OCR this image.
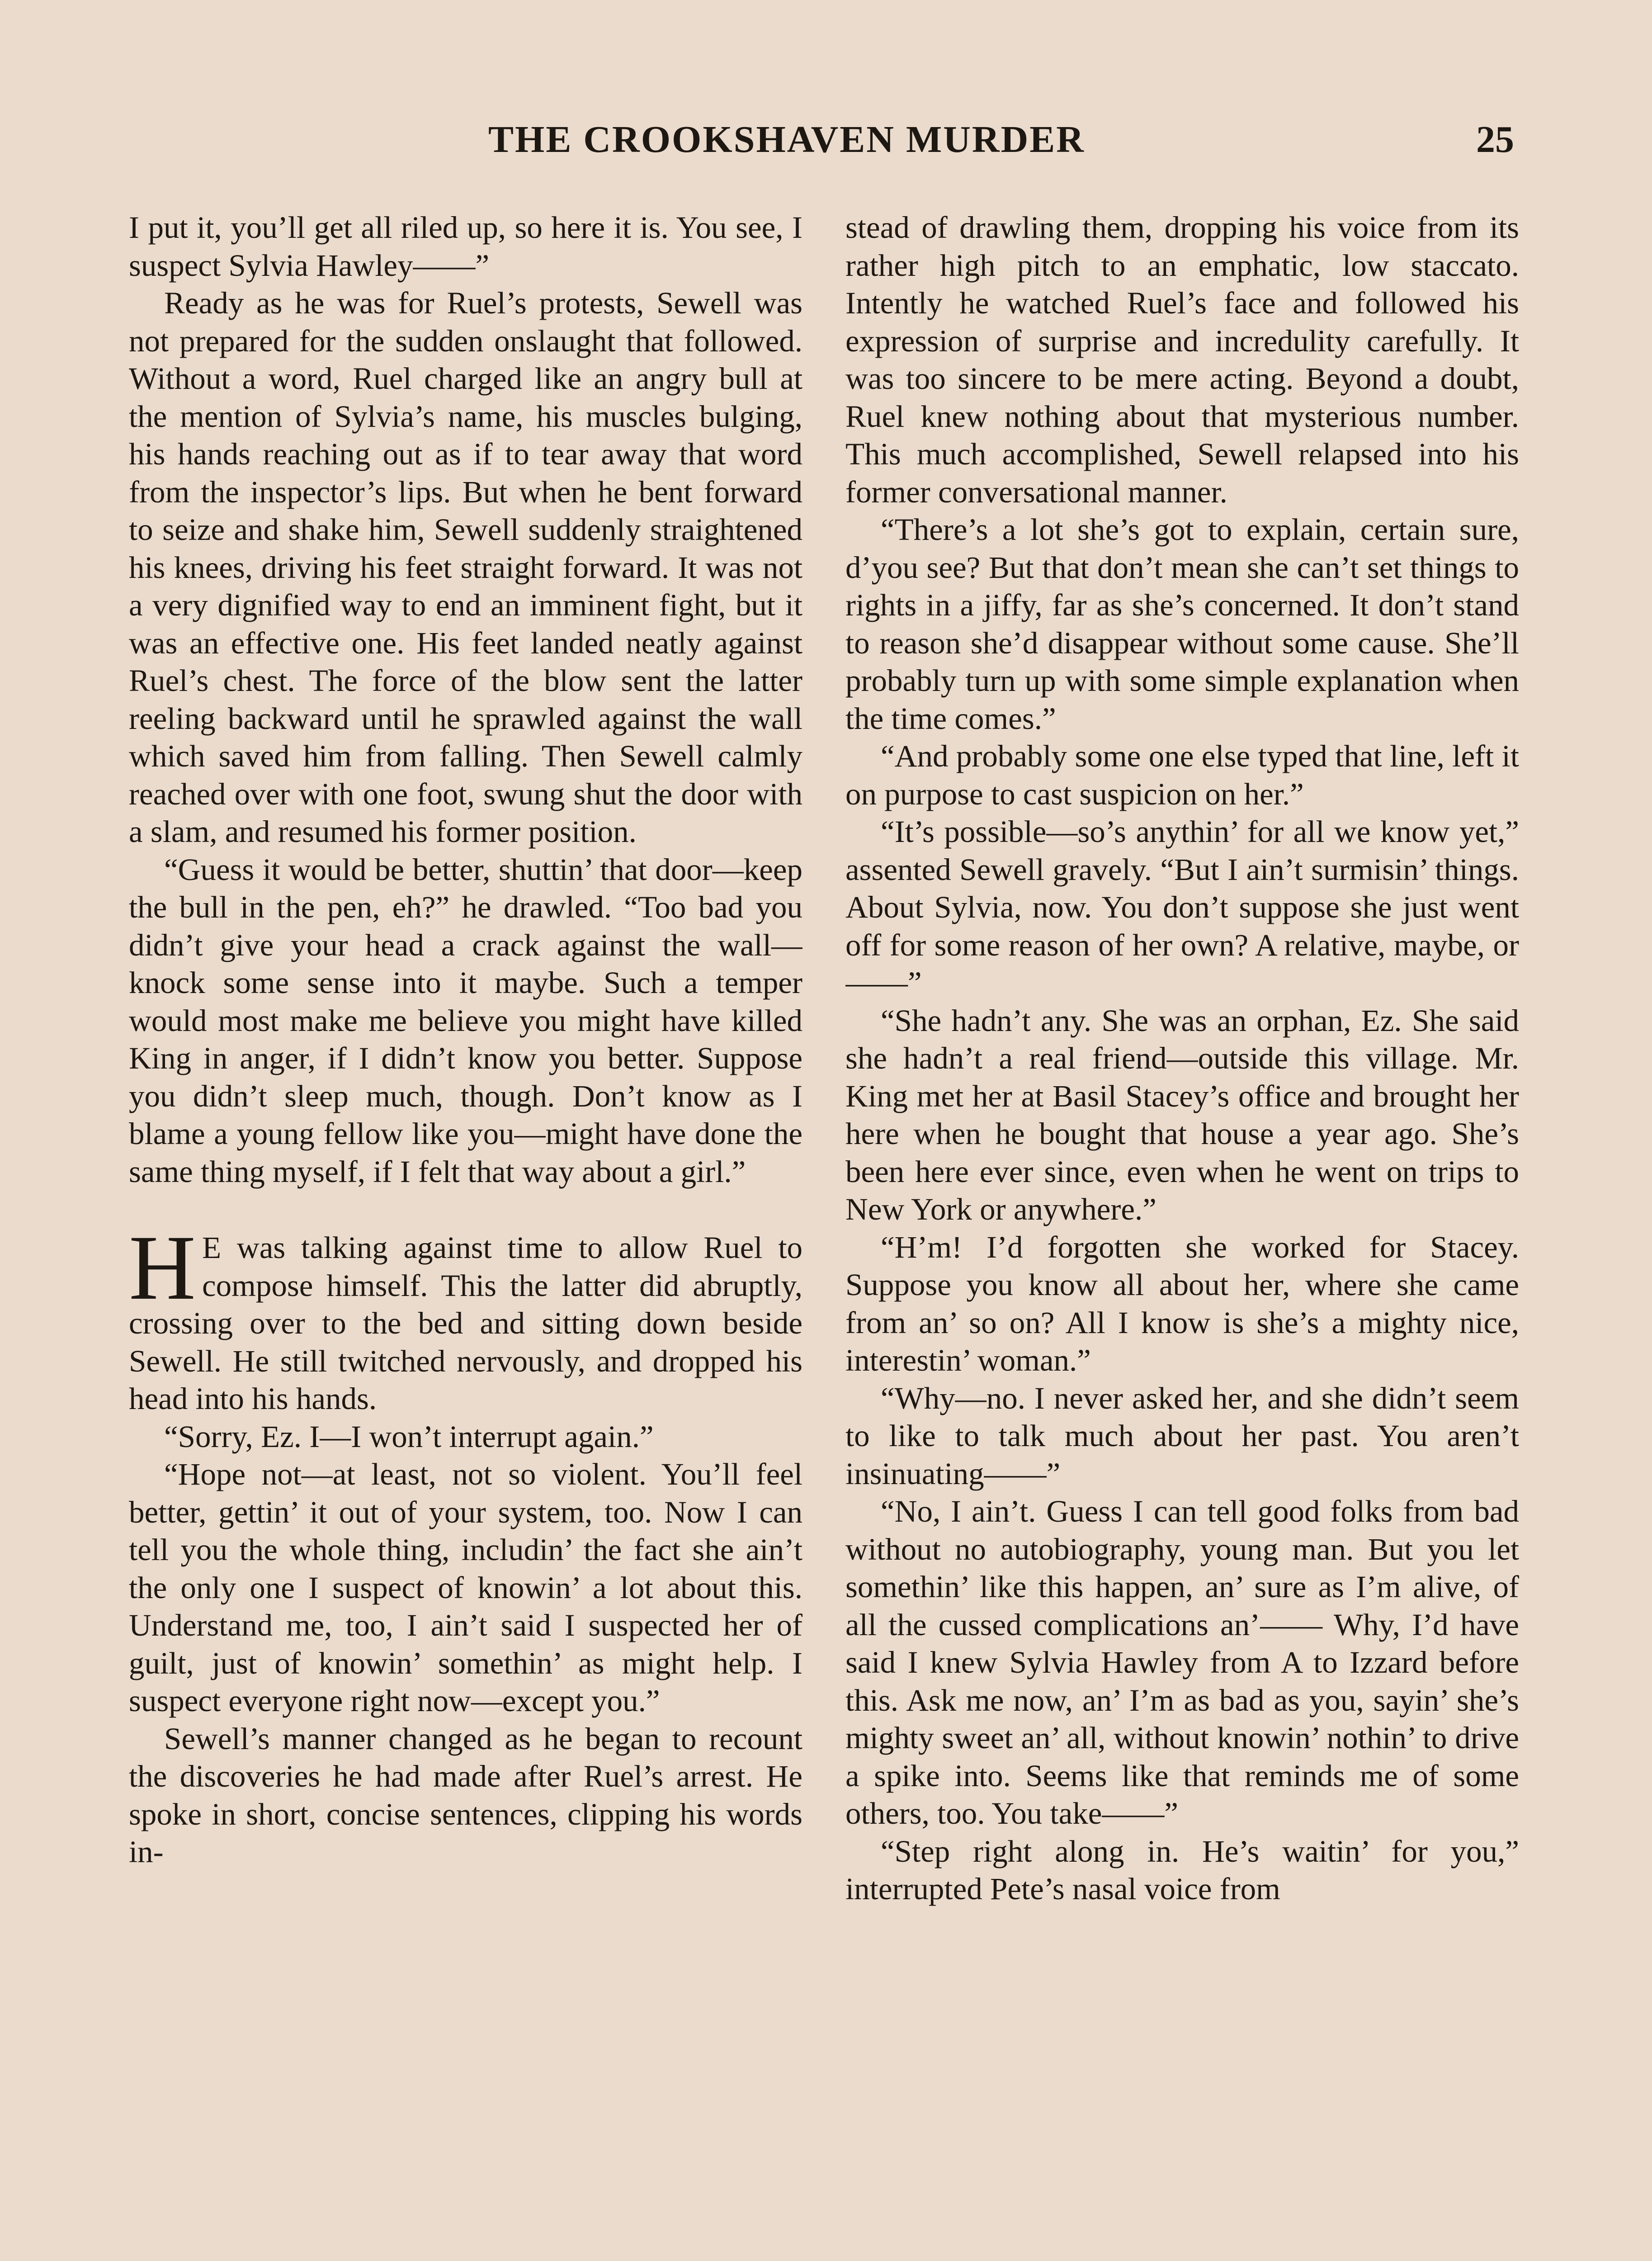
THE CROOKSHAVEN MURDER	25

I put it, you’ll get all riled up, so here it is. You see, I suspect Sylvia Hawley——”

Ready as he was for Ruel’s protests, Sewell was not prepared for the sudden onslaught that followed. Without a word, Ruel charged like an angry bull at the mention of Sylvia’s name, his muscles bulging, his hands reaching out as if to tear away that word from the inspector’s lips. But when he bent forward to seize and shake him, Sewell suddenly straightened his knees, driving his feet straight forward. It was not a very dignified way to end an imminent fight, but it was an effective one. His feet landed neatly against Ruel’s chest. The force of the blow sent the latter reeling backward until he sprawled against the wall which saved him from falling. Then Sewell calmly reached over with one foot, swung shut the door with a slam, and resumed his former position.

“Guess it would be better, shuttin’ that door—keep the bull in the pen, eh?” he drawled. “Too bad you didn’t give your head a crack against the wall—knock some sense into it maybe. Such a temper would most make me believe you might have killed King in anger, if I didn’t know you better. Suppose you didn’t sleep much, though. Don’t know as I blame a young fellow like you—might have done the same thing myself, if I felt that way about a girl.”

H E was talking against time to allow Ruel to compose himself. This the latter did abruptly, crossing over to the bed and sitting down beside Sewell. He still twitched nervously, and dropped his head into his hands.

“Sorry, Ez. I—I won’t interrupt again.”

“Hope not—at least, not so violent. You’ll feel better, gettin’ it out of your system, too. Now I can tell you the whole thing, includin’ the fact she ain’t the only one I suspect of knowin’ a lot about this. Understand me, too, I ain’t said I suspected her of guilt, just of knowin’ somethin’ as might help. I suspect everyone right now—except you.”

Sewell’s manner changed as he began to recount the discoveries he had made after Ruel’s arrest. He spoke in short, concise sentences, clipping his words in-

stead of drawling them, dropping his voice from its rather high pitch to an emphatic, low staccato. Intently he watched Ruel’s face and followed his expression of surprise and incredulity carefully. It was too sincere to be mere acting. Beyond a doubt, Ruel knew nothing about that mysterious number. This much accomplished, Sewell relapsed into his former conversational manner.

“There’s a lot she’s got to explain, certain sure, d’you see? But that don’t mean she can’t set things to rights in a jiffy, far as she’s concerned. It don’t stand to reason she’d disappear without some cause. She’ll probably turn up with some simple explanation when the time comes.”

“And probably some one else typed that line, left it on purpose to cast suspicion on her.”

“It’s possible—so’s anythin’ for all we know yet,” assented Sewell gravely. “But I ain’t surmisin’ things. About Sylvia, now. You don’t suppose she just went off for some reason of her own? A relative, maybe, or——”

“She hadn’t any. She was an orphan, Ez. She said she hadn’t a real friend—outside this village. Mr. King met her at Basil Stacey’s office and brought her here when he bought that house a year ago. She’s been here ever since, even when he went on trips to New York or anywhere.”

“H’m! I’d forgotten she worked for Stacey. Suppose you know all about her, where she came from an’ so on? All I know is she’s a mighty nice, interestin’ woman.”

“Why—no. I never asked her, and she didn’t seem to like to talk much about her past. You aren’t insinuating——”

“No, I ain’t. Guess I can tell good folks from bad without no autobiography, young man. But you let somethin’ like this happen, an’ sure as I’m alive, of all the cussed complications an’—— Why, I’d have said I knew Sylvia Hawley from A to Izzard before this. Ask me now, an’ I’m as bad as you, sayin’ she’s mighty sweet an’ all, without knowin’ nothin’ to drive a spike into. Seems like that reminds me of some others, too. You take——”

“Step right along in. He’s waitin’ for you,” interrupted Pete’s nasal voice from
